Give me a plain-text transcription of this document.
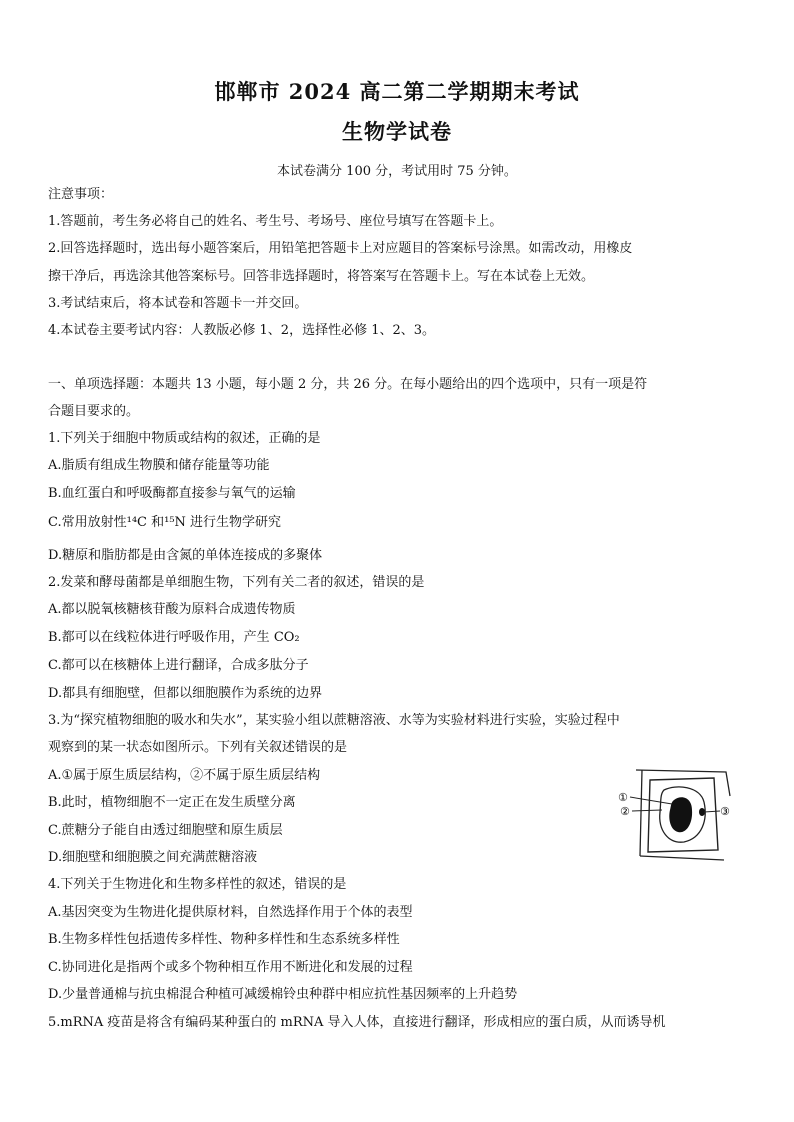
邯郸市 2024 高二第二学期期末考试
生物学试卷
本试卷满分 100 分，考试用时 75 分钟。
注意事项：
1.答题前，考生务必将自己的姓名、考生号、考场号、座位号填写在答题卡上。
2.回答选择题时，选出每小题答案后，用铅笔把答题卡上对应题目的答案标号涂黑。如需改动，用橡皮
擦干净后，再选涂其他答案标号。回答非选择题时，将答案写在答题卡上。写在本试卷上无效。
3.考试结束后，将本试卷和答题卡一并交回。
4.本试卷主要考试内容：人教版必修 1、2，选择性必修 1、2、3。
一、单项选择题：本题共 13 小题，每小题 2 分，共 26 分。在每小题给出的四个选项中，只有一项是符
合题目要求的。
1.下列关于细胞中物质或结构的叙述，正确的是
A.脂质有组成生物膜和储存能量等功能
B.血红蛋白和呼吸酶都直接参与氧气的运输
C.常用放射性¹⁴C 和¹⁵N 进行生物学研究
D.糖原和脂肪都是由含氮的单体连接成的多聚体
2.发菜和酵母菌都是单细胞生物，下列有关二者的叙述，错误的是
A.都以脱氧核糖核苷酸为原料合成遗传物质
B.都可以在线粒体进行呼吸作用，产生 CO₂
C.都可以在核糖体上进行翻译，合成多肽分子
D.都具有细胞壁，但都以细胞膜作为系统的边界
3.为“探究植物细胞的吸水和失水”，某实验小组以蔗糖溶液、水等为实验材料进行实验，实验过程中
观察到的某一状态如图所示。下列有关叙述错误的是
A.①属于原生质层结构，②不属于原生质层结构
B.此时，植物细胞不一定正在发生质壁分离
C.蔗糖分子能自由透过细胞壁和原生质层
D.细胞壁和细胞膜之间充满蔗糖溶液
①
②	③
4.下列关于生物进化和生物多样性的叙述，错误的是
A.基因突变为生物进化提供原材料，自然选择作用于个体的表型
B.生物多样性包括遗传多样性、物种多样性和生态系统多样性
C.协同进化是指两个或多个物种相互作用不断进化和发展的过程
D.少量普通棉与抗虫棉混合种植可减缓棉铃虫种群中相应抗性基因频率的上升趋势
5.mRNA 疫苗是将含有编码某种蛋白的 mRNA 导入人体，直接进行翻译，形成相应的蛋白质，从而诱导机
